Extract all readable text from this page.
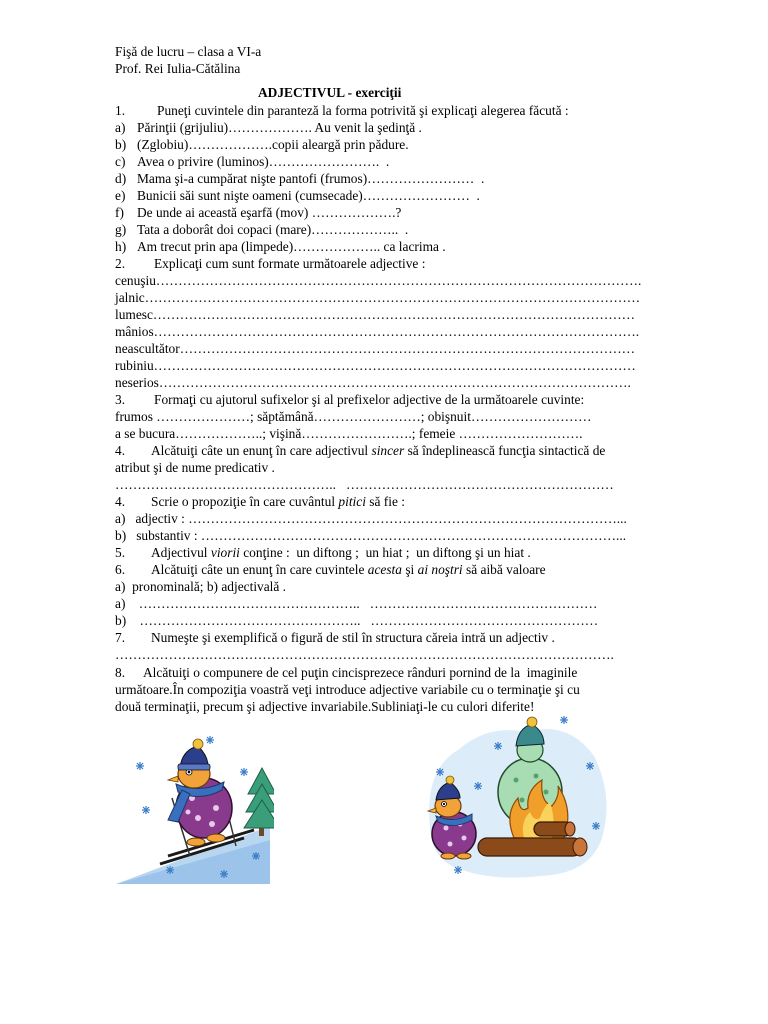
Fişă de lucru – clasa a VI-a
Prof. Rei Iulia-Cătălina
ADJECTIVUL - exerciţii
1. Puneţi cuvintele din paranteză la forma potrivită şi explicaţi alegerea făcută :
a) Părinţii (grijuliu)………………. Au venit la şedinţă .
b) (Zglobiu)……………….copii aleargă prin pădure.
c) Avea o privire (luminos)…………………….  .
d) Mama şi-a cumpărat nişte pantofi (frumos)……………………  .
e) Bunicii săi sunt nişte oameni (cumsecade)……………………  .
f) De unde ai această eşarfă (mov) ……………….?
g) Tata a doborât doi copaci (mare)………………..  .
h) Am trecut prin apa (limpede)……………….. ca lacrima .
2. Explicaţi cum sunt formate următoarele adjective :
cenuşiu……………………………………………………………………………………………….
jalnic…………………………………………………………………………………………………
lumesc………………………………………………………………………………………………
mânios……………………………………………………………………………………………….
neascultător…………………………………………………………………………………………
rubiniu………………………………………………………………………………………………
neserios…………………………………………………………………………………………….
3. Formaţi cu ajutorul sufixelor şi al prefixelor adjective de la următoarele cuvinte:
frumos …………………; săptămână……………………; obişnuit………………………
a se bucura………………..; vişină…………………….; femeie ……………………….
4. Alcătuiţi câte un enunţ în care adjectivul sincer să îndeplinească funcţia sintactică de
atribut şi de nume predicativ .
…………………………………………..   ……………………………………………………
4. Scrie o propoziţie în care cuvântul pitici să fie :
a)   adjectiv : ……………………………………………………………………………………...
b)   substantiv : …………………………………………………………………………………...
5. Adjectivul viorii conţine :  un diftong ;  un hiat ;  un diftong şi un hiat .
6. Alcătuiţi câte un enunţ în care cuvintele acesta şi ai noştri să aibă valoare
a)  pronominală; b) adjectivală .
a)    …………………………………………..   ……………………………………………
b)    …………………………………………..   ……………………………………………
7. Numeşte şi exemplifică o figură de stil în structura căreia intră un adjectiv .
………………………………………………………………………………………………….
8. Alcătuiţi o compunere de cel puţin cincisprezece rânduri pornind de la  imaginile
următoare.În compoziţia voastră veţi introduce adjective variabile cu o terminaţie şi cu
două terminaţii, precum şi adjective invariabile.Subliniaţi-le cu culori diferite!
